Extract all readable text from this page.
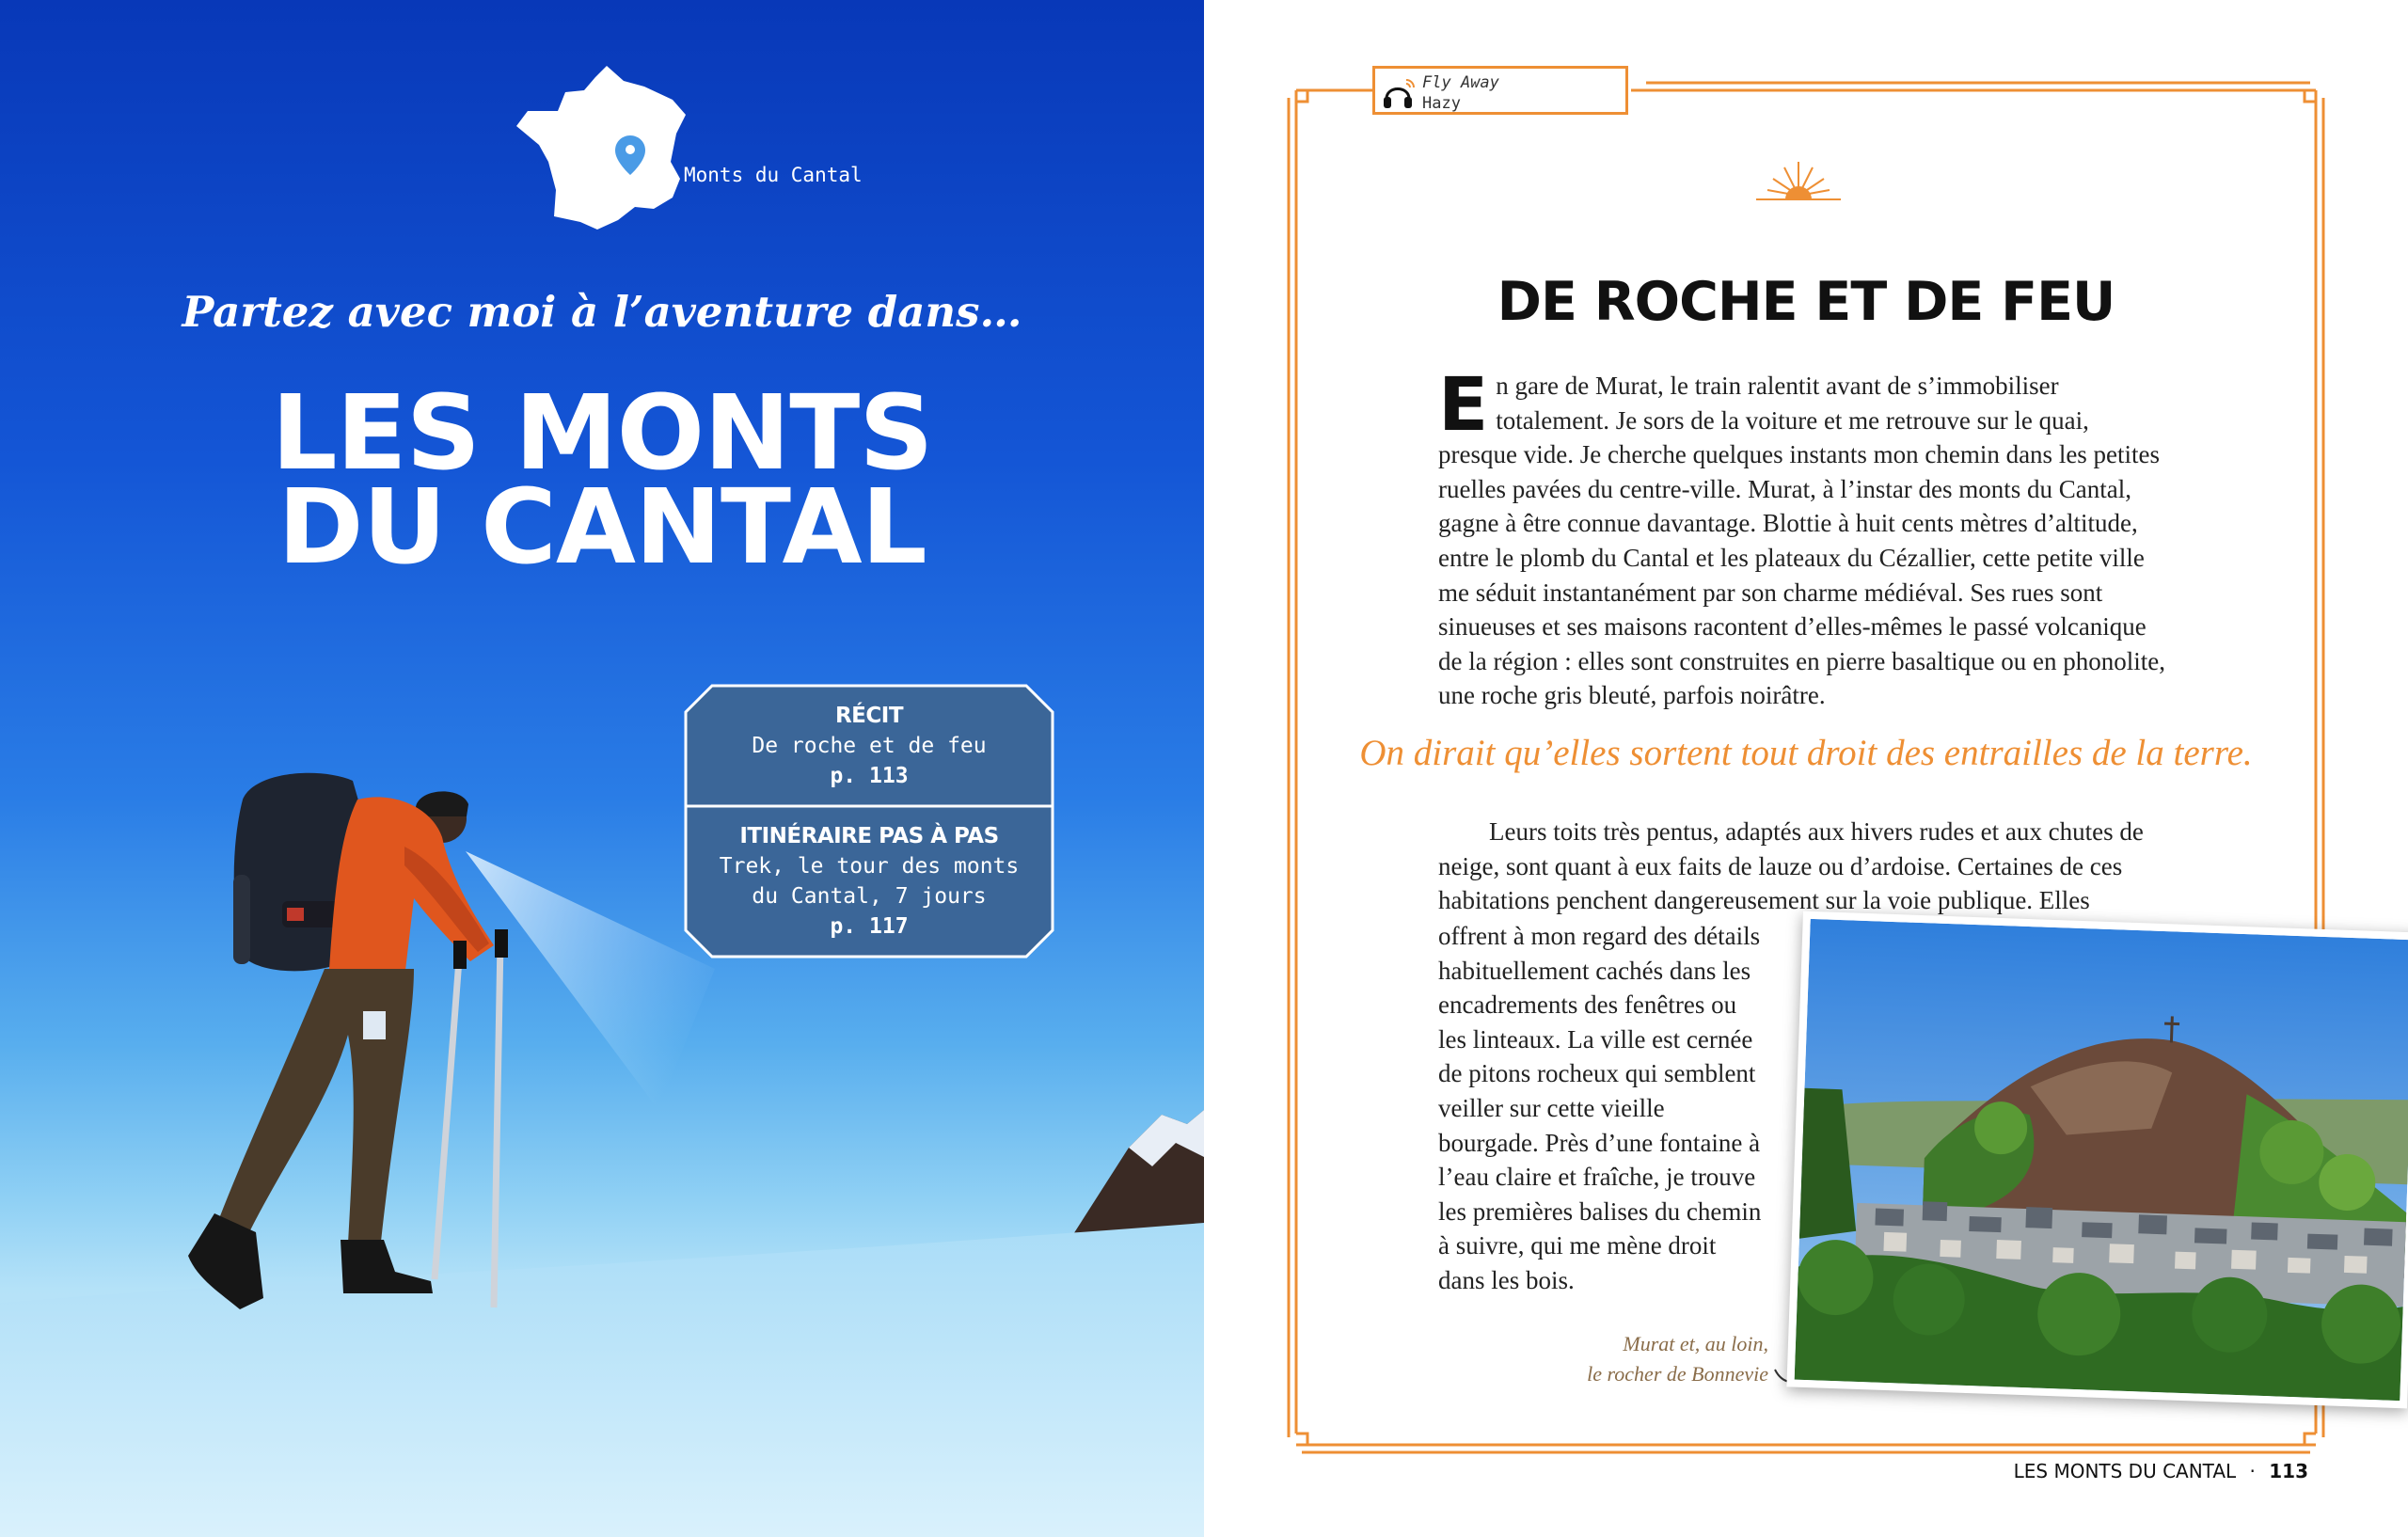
Monts du Cantal
Partez avec moi à l’aventure dans…
LES MONTS
DU CANTAL
RÉCIT
De roche et de feu
p. 113
ITINÉRAIRE PAS À PAS
Trek, le tour des monts
du Cantal, 7 jours
p. 117
Fly Away
Hazy
DE ROCHE ET DE FEU
En gare de Murat, le train ralentit avant de s’immobiliser totalement. Je sors de la voiture et me retrouve sur le quai, presque vide. Je cherche quelques instants mon chemin dans les petites ruelles pavées du centre-ville. Murat, à l’instar des monts du Cantal, gagne à être connue davantage. Blottie à huit cents mètres d’altitude, entre le plomb du Cantal et les plateaux du Cézallier, cette petite ville me séduit instantanément par son charme médiéval. Ses rues sont sinueuses et ses maisons racontent d’elles-mêmes le passé volcanique de la région : elles sont construites en pierre basaltique ou en phonolite, une roche gris bleuté, parfois noirâtre.
On dirait qu’elles sortent tout droit des entrailles de la terre.
Leurs toits très pentus, adaptés aux hivers rudes et aux chutes de neige, sont quant à eux faits de lauze ou d’ardoise. Certaines de ces habitations penchent dangereusement sur la voie publique. Elles
offrent à mon regard des détails habituellement cachés dans les encadrements des fenêtres ou les linteaux. La ville est cernée de pitons rocheux qui semblent veiller sur cette vieille bourgade. Près d’une fontaine à l’eau claire et fraîche, je trouve les premières balises du chemin à suivre, qui me mène droit dans les bois.
Murat et, au loin,
le rocher de Bonnevie
LES MONTS DU CANTAL · 113
